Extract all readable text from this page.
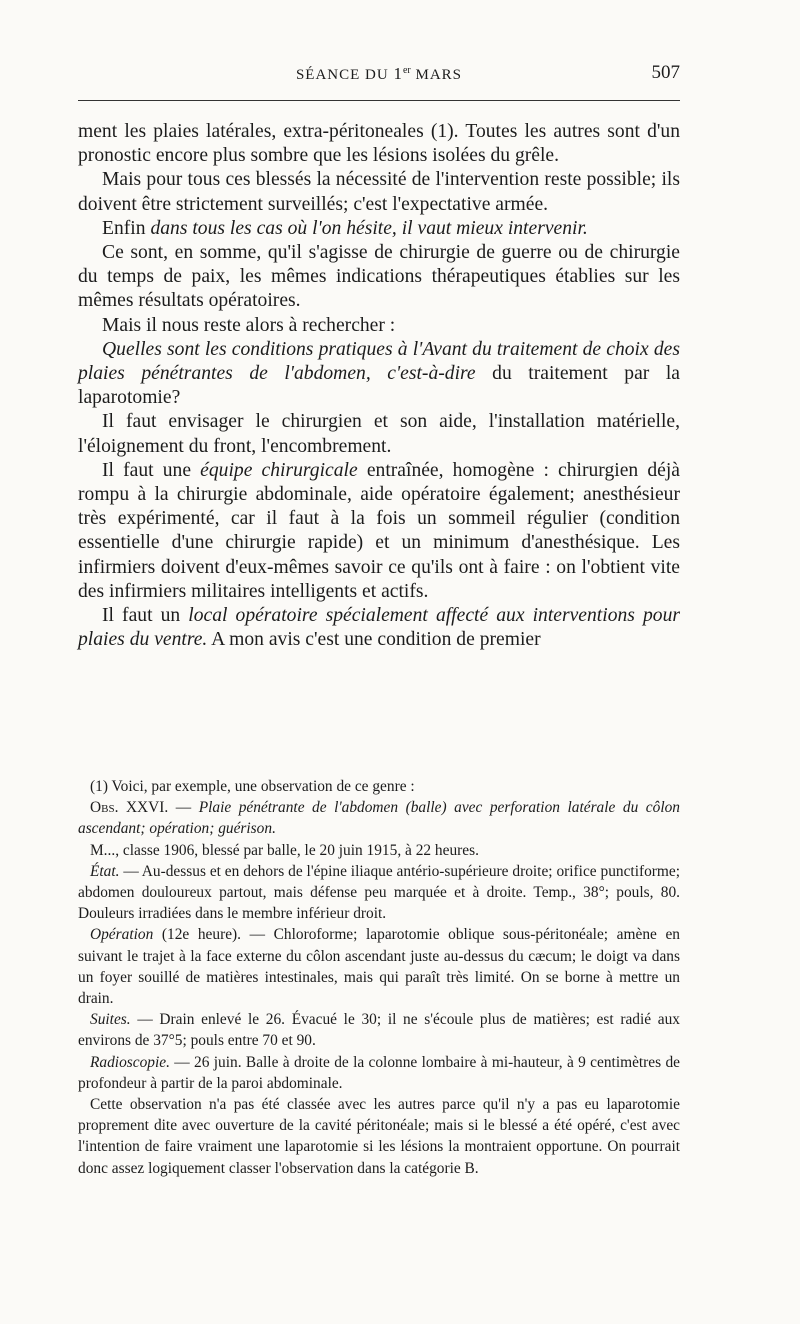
SÉANCE DU 1er MARS	507

ment les plaies latérales, extra-péritoneales (1). Toutes les autres sont d'un pronostic encore plus sombre que les lésions isolées du grêle.

Mais pour tous ces blessés la nécessité de l'intervention reste possible; ils doivent être strictement surveillés; c'est l'expectative armée.

Enfin dans tous les cas où l'on hésite, il vaut mieux intervenir.

Ce sont, en somme, qu'il s'agisse de chirurgie de guerre ou de chirurgie du temps de paix, les mêmes indications thérapeutiques établies sur les mêmes résultats opératoires.

Mais il nous reste alors à rechercher :

Quelles sont les conditions pratiques à l'Avant du traitement de choix des plaies pénétrantes de l'abdomen, c'est-à-dire du traitement par la laparotomie?

Il faut envisager le chirurgien et son aide, l'installation matérielle, l'éloignement du front, l'encombrement.

Il faut une équipe chirurgicale entraînée, homogène : chirurgien déjà rompu à la chirurgie abdominale, aide opératoire également; anesthésieur très expérimenté, car il faut à la fois un sommeil régulier (condition essentielle d'une chirurgie rapide) et un minimum d'anesthésique. Les infirmiers doivent d'eux-mêmes savoir ce qu'ils ont à faire : on l'obtient vite des infirmiers militaires intelligents et actifs.

Il faut un local opératoire spécialement affecté aux interventions pour plaies du ventre. A mon avis c'est une condition de premier

(1) Voici, par exemple, une observation de ce genre :

Obs. XXVI. — Plaie pénétrante de l'abdomen (balle) avec perforation latérale du côlon ascendant; opération; guérison.

M..., classe 1906, blessé par balle, le 20 juin 1915, à 22 heures.

État. — Au-dessus et en dehors de l'épine iliaque antério-supérieure droite; orifice punctiforme; abdomen douloureux partout, mais défense peu marquée et à droite. Temp., 38°; pouls, 80. Douleurs irradiées dans le membre inférieur droit.

Opération (12e heure). — Chloroforme; laparotomie oblique sous-péritonéale; amène en suivant le trajet à la face externe du côlon ascendant juste au-dessus du cæcum; le doigt va dans un foyer souillé de matières intestinales, mais qui paraît très limité. On se borne à mettre un drain.

Suites. — Drain enlevé le 26. Évacué le 30; il ne s'écoule plus de matières; est radié aux environs de 37°5; pouls entre 70 et 90.

Radioscopie. — 26 juin. Balle à droite de la colonne lombaire à mi-hauteur, à 9 centimètres de profondeur à partir de la paroi abdominale.

Cette observation n'a pas été classée avec les autres parce qu'il n'y a pas eu laparotomie proprement dite avec ouverture de la cavité péritonéale; mais si le blessé a été opéré, c'est avec l'intention de faire vraiment une laparotomie si les lésions la montraient opportune. On pourrait donc assez logiquement classer l'observation dans la catégorie B.
